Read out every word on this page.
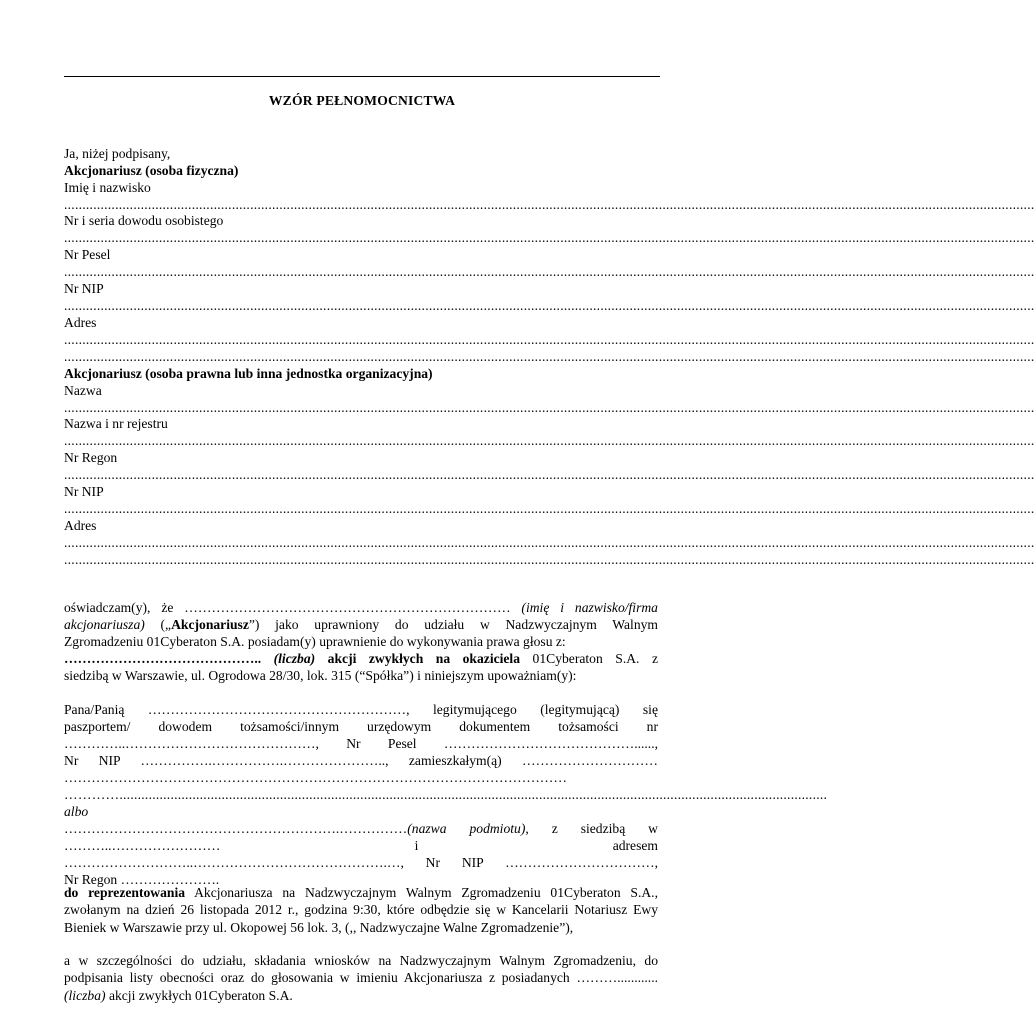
WZÓR PEŁNOMOCNICTWA
Ja, niżej podpisany,
Akcjonariusz (osoba fizyczna)
Imię i nazwisko
..........................................................................................................................................................................................................................................................................
Nr i seria dowodu osobistego
..........................................................................................................................................................................................................................................................................
Nr Pesel
..........................................................................................................................................................................................................................................................................
Nr NIP
..........................................................................................................................................................................................................................................................................
Adres
..........................................................................................................................................................................................................................................................................
..........................................................................................................................................................................................................................................................................
Akcjonariusz (osoba prawna lub inna jednostka organizacyjna)
Nazwa
..........................................................................................................................................................................................................................................................................
Nazwa i nr rejestru
..........................................................................................................................................................................................................................................................................
Nr Regon
..........................................................................................................................................................................................................................................................................
Nr NIP
..........................................................................................................................................................................................................................................................................
Adres
..........................................................................................................................................................................................................................................................................
..........................................................................................................................................................................................................................................................................
oświadczam(y), że ……………………………………………………………… (imię i nazwisko/firma
akcjonariusza) („Akcjonariusz”) jako uprawniony do udziału w Nadzwyczajnym Walnym
Zgromadzeniu 01Cyberaton S.A. posiadam(y) uprawnienie do wykonywania prawa głosu z:
…………………………………….. (liczba) akcji zwykłych na okaziciela 01Cyberaton S.A. z
siedzibą w Warszawie, ul. Ogrodowa 28/30, lok. 315 (“Spółka”) i niniejszym upoważniam(y):
Pana/Panią …………………………………………………, legitymującego (legitymującą) się
paszportem/ dowodem tożsamości/innym urzędowym dokumentem tożsamości nr
…………..……………………………………, Nr Pesel ……………………………………......,
Nr NIP …………….…………….………………….., zamieszkałym(ą) …………………………
…………………………………………………………………………………………………
…………..................................................................................................................................................................................................
albo
…………………………………………………….……………(nazwa podmiotu), z siedzibą w
………..…………………… i adresem
………………………..…………………………………….…, Nr NIP ……………………………,
Nr Regon ………………….
do reprezentowania Akcjonariusza na Nadzwyczajnym Walnym Zgromadzeniu 01Cyberaton S.A., zwołanym na dzień 26 listopada 2012 r., godzina 9:30, które odbędzie się w Kancelarii Notariusz Ewy Bieniek w Warszawie przy ul. Okopowej 56 lok. 3, (,, Nadzwyczajne Walne Zgromadzenie”),
a w szczególności do udziału, składania wniosków na Nadzwyczajnym Walnym Zgromadzeniu, do podpisania listy obecności oraz do głosowania w imieniu Akcjonariusza z posiadanych ………............(liczba) akcji zwykłych 01Cyberaton S.A.
